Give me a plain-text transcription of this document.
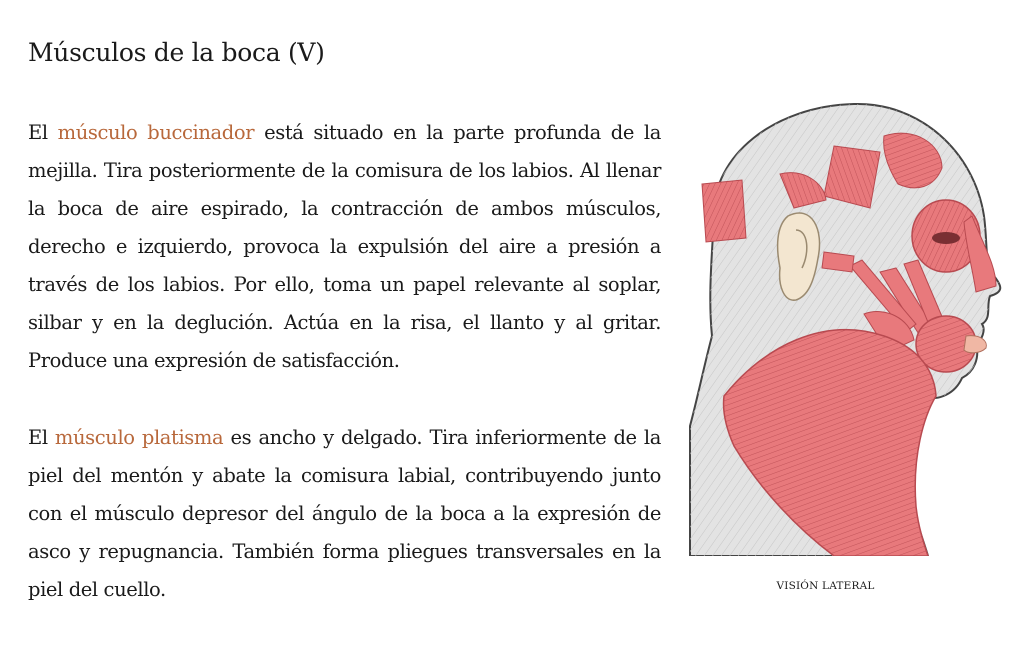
Músculos de la boca (V)

El músculo buccinador está situado en la parte profunda de la mejilla. Tira posteriormente de la comisura de los labios. Al llenar la boca de aire espirado, la contracción de ambos músculos, derecho e izquierdo, provoca la expulsión del aire a presión a través de los labios. Por ello, toma un papel relevante al soplar, silbar y en la deglución. Actúa en la risa, el llanto y al gritar. Produce una expresión de satisfacción.

El músculo platisma es ancho y delgado. Tira inferiormente de la piel del mentón y abate la comisura labial, contribuyendo junto con el músculo depresor del ángulo de la boca a la expresión de asco y repugnancia. También forma pliegues transversales en la piel del cuello.	VISIÓN LATERAL
